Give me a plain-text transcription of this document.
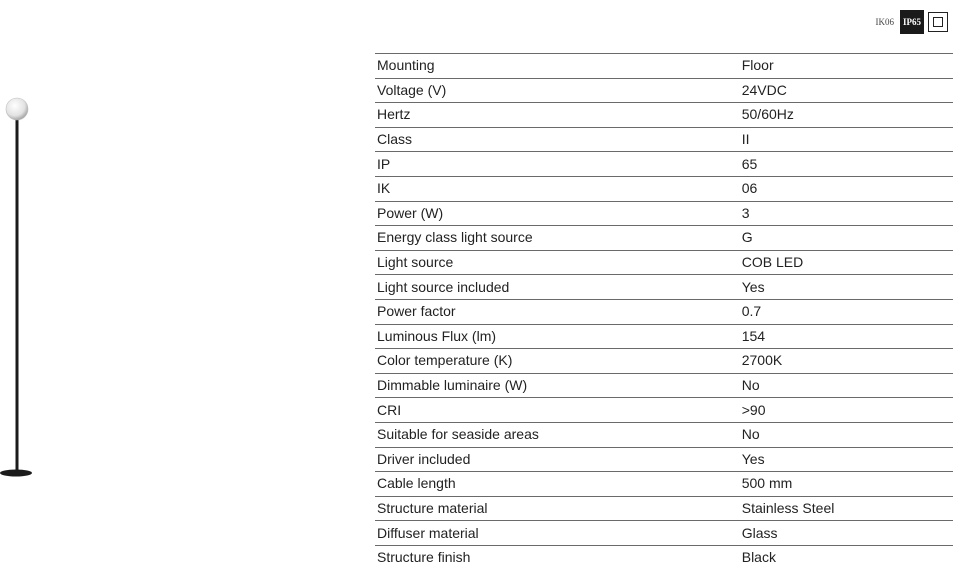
IK06	IP65
Mounting	Floor
Voltage (V)	24VDC
Hertz	50/60Hz
Class	II
IP	65
IK	06
Power (W)	3
Energy class light source	G
Light source	COB LED
Light source included	Yes
Power factor	0.7
Luminous Flux (lm)	154
Color temperature (K)	2700K
Dimmable luminaire (W)	No
CRI	>90
Suitable for seaside areas	No
Driver included	Yes
Cable length	500 mm
Structure material	Stainless Steel
Diffuser material	Glass
Structure finish	Black
